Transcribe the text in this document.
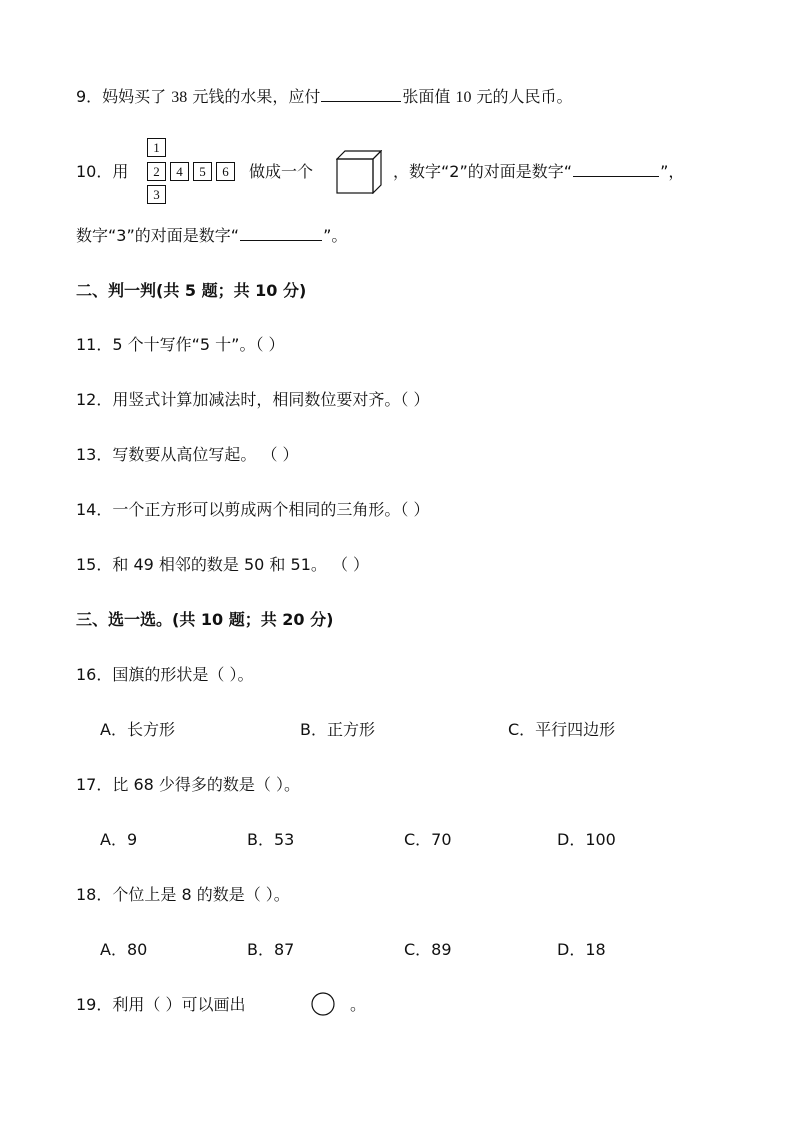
9．妈妈买了 38 元钱的水果，应付	张面值 10 元的人民币。
10．用
1
2	4	5	6
3
做成一个	，数字“2”的对面是数字“	”，
数字“3”的对面是数字“	”。
二、判一判(共 5 题；共 10 分)
11．5 个十写作“5 十”。（ ）
12．用竖式计算加减法时，相同数位要对齐。（ ）
13．写数要从高位写起。 （ ）
14．一个正方形可以剪成两个相同的三角形。（ ）
15．和 49 相邻的数是 50 和 51。 （ ）
三、选一选。(共 10 题；共 20 分)
16．国旗的形状是（ ）。
A．长方形	B．正方形	C．平行四边形
17．比 68 少得多的数是（ ）。
A．9	B．53	C．70	D．100
18．个位上是 8 的数是（ ）。
A．80	B．87	C．89	D．18
19．利用（ ）可以画出	。
